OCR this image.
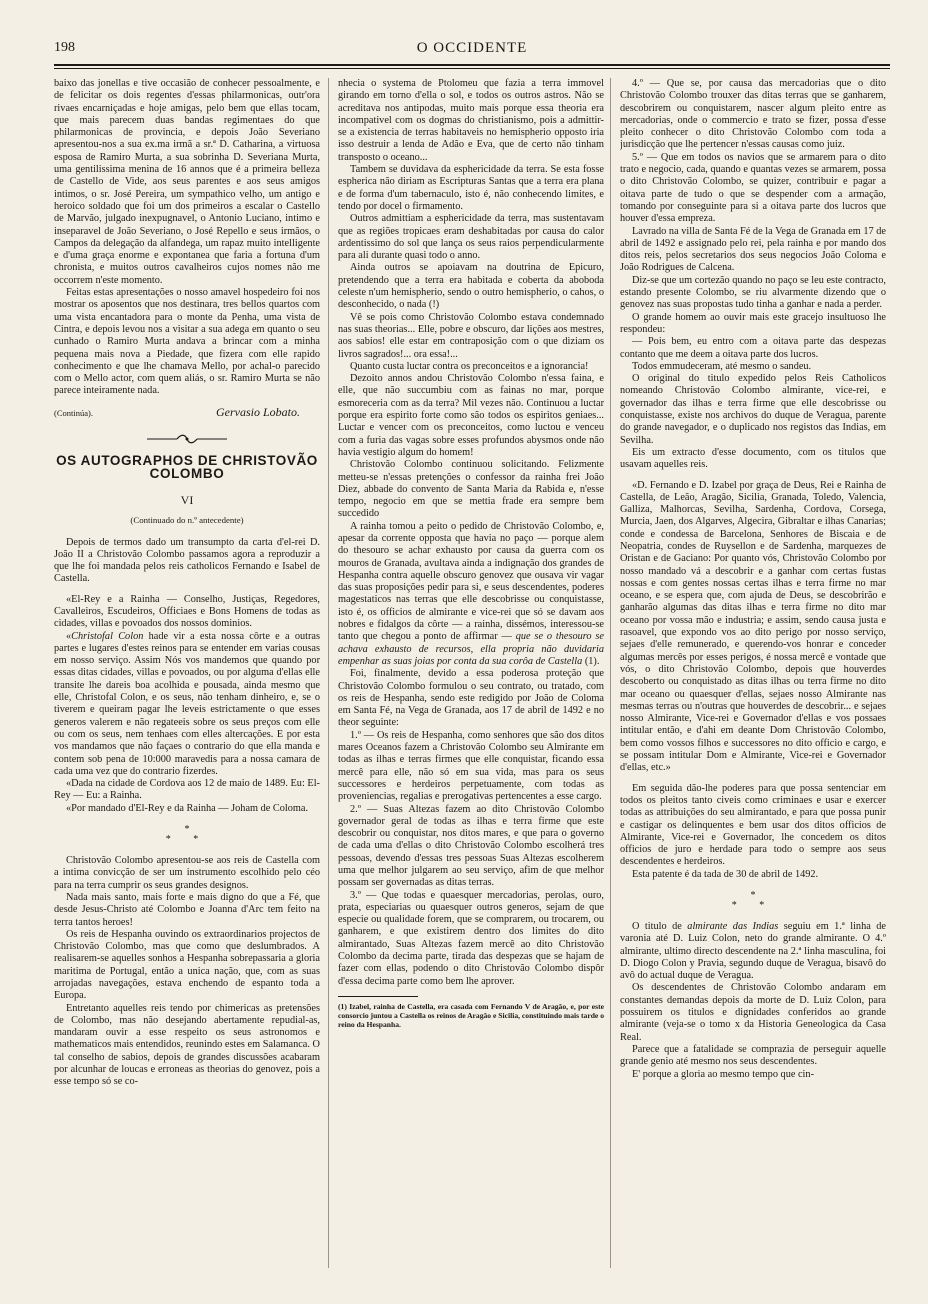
198	O OCCIDENTE

baixo das jonellas e tive occasião de conhecer pessoalmente, e de felicitar os dois regentes d'essas philarmonicas, outr'ora rivaes encarniçadas e hoje amigas, pelo bem que ellas tocam, que mais parecem duas bandas regimentaes do que philarmonicas de provincia, e depois João Severiano apresentou-nos a sua ex.ma irmã a sr.ª D. Catharina, a virtuosa esposa de Ramiro Murta, a sua sobrinha D. Severiana Murta, uma gentilissima menina de 16 annos que é a primeira belleza de Castello de Vide, aos seus parentes e aos seus amigos intimos, o sr. José Pereira, um sympathico velho, um antigo e heroico soldado que foi um dos primeiros a escalar o Castello de Marvão, julgado inexpugnavel, o Antonio Luciano, intimo e inseparavel de João Severiano, o José Repello e seus irmãos, o Campos da delegação da alfandega, um rapaz muito intelligente e d'uma graça enorme e expontanea que faria a fortuna d'um chronista, e muitos outros cavalheiros cujos nomes não me occorrem n'este momento.

Feitas estas apresentações o nosso amavel hospedeiro foi nos mostrar os aposentos que nos destinara, tres bellos quartos com uma vista encantadora para o monte da Penha, uma vista de Cintra, e depois levou nos a visitar a sua adega em quanto o seu cunhado o Ramiro Murta andava a brincar com a minha pequena mais nova a Piedade, que fizera com elle rapido conhecimento e que lhe chamava Mello, por achal-o parecido com o Mello actor, com quem aliás, o sr. Ramiro Murta se não parece inteiramente nada.

(Continúa).	Gervasio Lobato.
OS AUTOGRAPHOS DE CHRISTOVÃO COLOMBO
VI
(Continuado do n.º antecedente)

Depois de termos dado um transumpto da carta d'el-rei D. João II a Christovão Colombo passamos agora a reproduzir a que lhe foi mandada pelos reis catholicos Fernando e Isabel de Castella.

«El-Rey e a Rainha — Conselho, Justiças, Regedores, Cavalleiros, Escudeiros, Officiaes e Bons Homens de todas as cidades, villas e povoados dos nossos dominios.

«Christofal Colon hade vir a esta nossa côrte e a outras partes e lugares d'estes reinos para se entender em varias cousas em nosso serviço. Assim Nós vos mandemos que quando por essas ditas cidades, villas e povoados, ou por alguma d'ellas elle transite lhe dareis boa acolhida e pousada, ainda mesmo que elle, Christofal Colon, e os seus, não tenham dinheiro, e, se o tiverem e queiram pagar lhe leveis estrictamente o que esses generos valerem e não regateeis sobre os seus preços com elle ou com os seus, nem tenhaes com elles altercações. E por esta vos mandamos que não façaes o contrario do que ella manda e contem sob pena de 10:000 maravedis para a nossa camara de cada uma vez que do contrario fizerdes.

«Dada na cidade de Cordova aos 12 de maio de 1489. Eu: El-Rey — Eu: a Rainha.

«Por mandado d'El-Rey e da Rainha — Joham de Coloma.

*
* *

Christovão Colombo apresentou-se aos reis de Castella com a intima convicção de ser um instrumento escolhido pelo céo para na terra cumprir os seus grandes designos.

Nada mais santo, mais forte e mais digno do que a Fé, que desde Jesus-Christo até Colombo e Joanna d'Arc tem feito na terra tantos heroes!

Os reis de Hespanha ouvindo os extraordinarios projectos de Christovão Colombo, mas que como que deslumbrados. A realisarem-se aquelles sonhos a Hespanha sobrepassaria a gloria maritima de Portugal, então a unica nação, que, com as suas arrojadas navegações, estava enchendo de espanto toda a Europa.

Entretanto aquelles reis tendo por chimericas as pretensões de Colombo, mas não desejando abertamente repudial-as, mandaram ouvir a esse respeito os seus astronomos e mathematicos mais entendidos, reunindo estes em Salamanca. O tal conselho de sabios, depois de grandes discussões acabaram por alcunhar de loucas e erroneas as theorias do genovez, pois a esse tempo só se co-

nhecia o systema de Ptolomeu que fazia a terra immovel girando em torno d'ella o sol, e todos os outros astros. Não se acreditava nos antipodas, muito mais porque essa theoria era incompativel com os dogmas do christianismo, pois a admittir-se a existencia de terras habitaveis no hemispherio opposto iria isso destruir a lenda de Adão e Eva, que de certo não tinham transposto o oceano...

Tambem se duvidava da esphericidade da terra. Se esta fosse espherica não diriam as Escripturas Santas que a terra era plana e de forma d'um tabernaculo, isto é, não conhecendo limites, e tendo por docel o firmamento.

Outros admittiam a esphericidade da terra, mas sustentavam que as regiões tropicaes eram deshabitadas por causa do calor ardentissimo do sol que lança os seus raios perpendicularmente para ali durante quasi todo o anno.

Ainda outros se apoiavam na doutrina de Epicuro, pretendendo que a terra era habitada e coberta da aboboda celeste n'um hemispherio, sendo o outro hemispherio, o cahos, o desconhecido, o nada (!)

Vê se pois como Christovão Colombo estava condemnado nas suas theorias... Elle, pobre e obscuro, dar lições aos mestres, aos sabios! elle estar em contraposição com o que diziam os livros sagrados!... ora essa!...

Quanto custa luctar contra os preconceitos e a ignorancia!

Dezoito annos andou Christovão Colombo n'essa faina, e elle, que não succumbiu com as fainas no mar, porque esmoreceria com as da terra? Mil vezes não. Continuou a luctar porque era espirito forte como são todos os espiritos geniaes... Luctar e vencer com os preconceitos, como luctou e venceu com a furia das vagas sobre esses profundos abysmos onde não havia vestigio algum do homem!

Christovão Colombo continuou solicitando. Felizmente metteu-se n'essas pretenções o confessor da rainha frei João Diez, abbade do convento de Santa Maria da Rabida e, n'esse tempo, negocio em que se mettia frade era sempre bem succedido

A rainha tomou a peito o pedido de Christovão Colombo, e, apesar da corrente opposta que havia no paço — porque alem do thesouro se achar exhausto por causa da guerra com os mouros de Granada, avultava ainda a indignação dos grandes de Hespanha contra aquelle obscuro genovez que ousava vir vagar das suas proposições pedir para si, e seus descendentes, poderes magestaticos nas terras que elle descobrisse ou conquistasse, isto é, os officios de almirante e vice-rei que só se davam aos nobres e fidalgos da côrte — a rainha, dissémos, interessou-se tanto que chegou a ponto de affirmar — que se o thesouro se achava exhausto de recursos, ella propria não duvidaria empenhar as suas joias por conta da sua corôa de Castella (1).

Foi, finalmente, devido a essa poderosa proteção que Christovão Colombo formulou o seu contrato, ou tratado, com os reis de Hespanha, sendo este redigido por João de Coloma em Santa Fé, na Vega de Granada, aos 17 de abril de 1492 e no theor seguinte:

1.º — Os reis de Hespanha, como senhores que são dos ditos mares Oceanos fazem a Christovão Colombo seu Almirante em todas as ilhas e terras firmes que elle conquistar, ficando essa mercê para elle, não só em sua vida, mas para os seus successores e herdeiros perpetuamente, com todas as proveniencias, regalias e prerogativas pertencentes a esse cargo.

2.º — Suas Altezas fazem ao dito Christovão Colombo governador geral de todas as ilhas e terra firme que este descobrir ou conquistar, nos ditos mares, e que para o governo de cada uma d'ellas o dito Christovão Colombo escolherá tres pessoas, devendo d'essas tres pessoas Suas Altezas escolherem uma que melhor julgarem ao seu serviço, afim de que melhor possam ser governadas as ditas terras.

3.º — Que todas e quaesquer mercadorias, perolas, ouro, prata, especiarias ou quaesquer outros generos, sejam de que especie ou qualidade forem, que se comprarem, ou trocarem, ou ganharem, e que existirem dentro dos limites do dito almirantado, Suas Altezas fazem mercê ao dito Christovão Colombo da decima parte, tirada das despezas que se hajam de fazer com ellas, podendo o dito Christovão Colombo dispôr d'essa decima parte como bem lhe aprover.

(1) Izabel, rainha de Castella, era casada com Fernando V de Aragão, e, por este consorcio juntou a Castella os reinos de Aragão e Sicilia, constituindo mais tarde o reino da Hespanha.

4.º — Que se, por causa das mercadorias que o dito Christovão Colombo trouxer das ditas terras que se ganharem, descobrirem ou conquistarem, nascer algum pleito entre as mercadorias, onde o commercio e trato se fizer, possa d'esse pleito conhecer o dito Christovão Colombo com toda a jurisdicção que lhe pertencer n'essas causas como juiz.

5.º — Que em todos os navios que se armarem para o dito trato e negocio, cada, quando e quantas vezes se armarem, possa o dito Christovão Colombo, se quizer, contribuir e pagar a oitava parte de tudo o que se despender com a armação, tomando por conseguinte para si a oitava parte dos lucros que houver d'essa empreza.

Lavrado na villa de Santa Fé de la Vega de Granada em 17 de abril de 1492 e assignado pelo rei, pela rainha e por mando dos ditos reis, pelos secretarios dos seus negocios João Coloma e João Rodrigues de Calcena.

Diz-se que um cortezão quando no paço se leu este contracto, estando presente Colombo, se riu alvarmente dizendo que o genovez nas suas propostas tudo tinha a ganhar e nada a perder.

O grande homem ao ouvir mais este gracejo insultuoso lhe respondeu:

— Pois bem, eu entro com a oitava parte das despezas contanto que me deem a oitava parte dos lucros.

Todos emmudeceram, até mesmo o sandeu.

O original do titulo expedido pelos Reis Catholicos nomeando Christovão Colombo almirante, vice-rei, e governador das ilhas e terra firme que elle descobrisse ou conquistasse, existe nos archivos do duque de Veragua, parente do grande navegador, e o duplicado nos registos das Indias, em Sevilha.

Eis um extracto d'esse documento, com os titulos que usavam aquelles reis.

«D. Fernando e D. Izabel por graça de Deus, Rei e Rainha de Castella, de Leão, Aragão, Sicilia, Granada, Toledo, Valencia, Galliza, Malhorcas, Sevilha, Sardenha, Cordova, Corsega, Murcia, Jaen, dos Algarves, Algecira, Gibraltar e ilhas Canarias; conde e condessa de Barcelona, Senhores de Biscaia e de Neopatria, condes de Ruysellon e de Sardenha, marquezes de Oristan e de Gaciano: Por quanto vós, Christovão Colombo por nosso mandado vá a descobrir e a ganhar com certas fustas nossas e com gentes nossas certas ilhas e terra firme no mar oceano, e se espera que, com ajuda de Deus, se descobrirão e ganharão algumas das ditas ilhas e terra firme no dito mar oceano por vossa mão e industria; e assim, sendo causa justa e rasoavel, que expondo vos ao dito perigo por nosso serviço, sejaes d'elle remunerado, e querendo-vos honrar e conceder algumas mercês por esses perigos, é nossa mercê e vontade que vós, o dito Christovão Colombo, depois que houverdes descoberto ou conquistado as ditas ilhas ou terra firme no dito mar oceano ou quaesquer d'ellas, sejaes nosso Almirante nas mesmas terras ou n'outras que houverdes de descobrir... e sejaes nosso Almirante, Vice-rei e Governador d'ellas e vos possaes intitular então, e d'ahi em deante Dom Christovão Colombo, bem como vossos filhos e successores no dito officio e cargo, e se possam intitular Dom e Almirante, Vice-rei e Governador d'ellas, etc.»

Em seguida dão-lhe poderes para que possa sentenciar em todos os pleitos tanto civeis como criminaes e usar e exercer todas as attribuições do seu almirantado, e para que possa punir e castigar os delinquentes e bem usar dos ditos officios de Almirante, Vice-rei e Governador, lhe concedem os ditos officios de juro e herdade para todo o sempre aos seus descendentes e herdeiros.

Esta patente é da tada de 30 de abril de 1492.

*
* *

O titulo de almirante das Indias seguiu em 1.ª linha de varonia até D. Luiz Colon, neto do grande almirante. O 4.º almirante, ultimo directo descendente na 2.ª linha masculina, foi D. Diogo Colon y Pravia, segundo duque de Veragua, bisavô do avô do actual duque de Veragua.

Os descendentes de Christovão Colombo andaram em constantes demandas depois da morte de D. Luiz Colon, para possuirem os titulos e dignidades conferidos ao grande almirante (veja-se o tomo x da Historia Geneologica da Casa Real.

Parece que a fatalidade se comprazia de perseguir aquelle grande genio até mesmo nos seus descendentes.

E' porque a gloria ao mesmo tempo que cin-
